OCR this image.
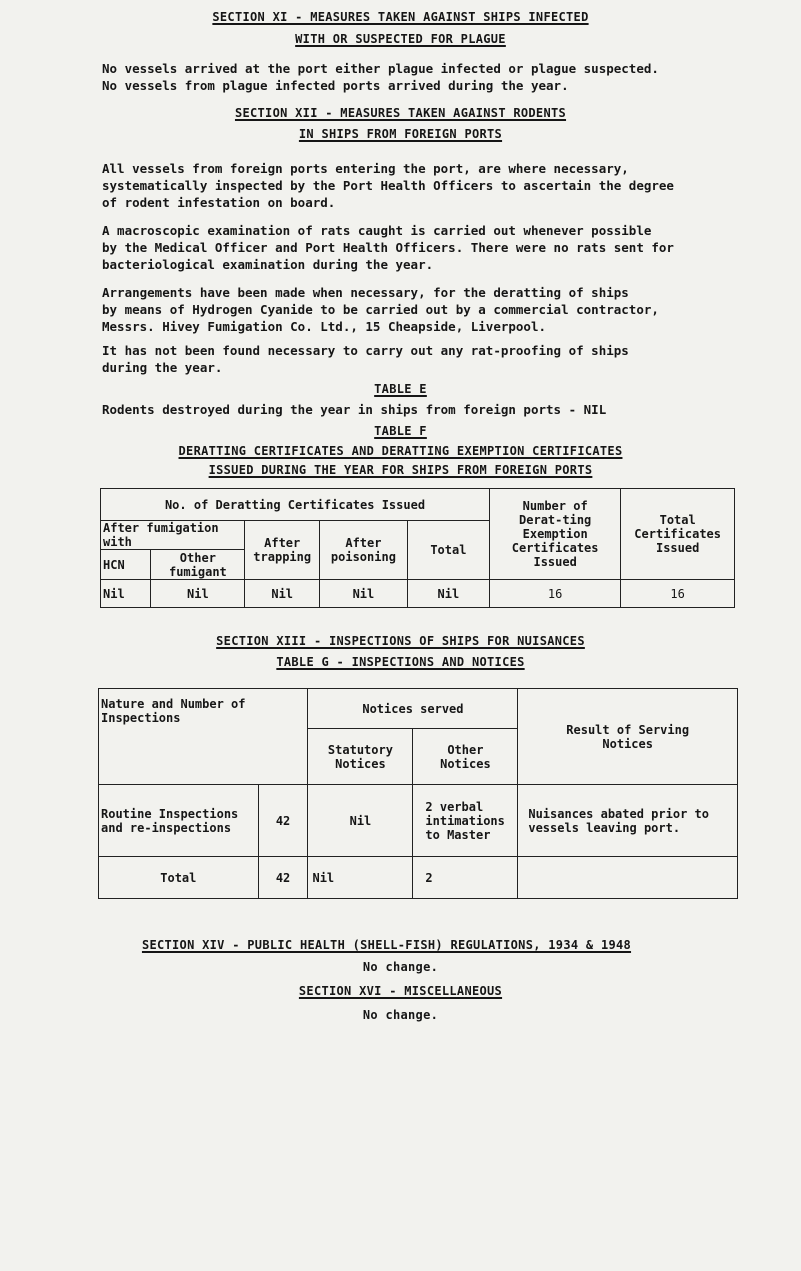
SECTION XI - MEASURES TAKEN AGAINST SHIPS INFECTED
WITH OR SUSPECTED FOR PLAGUE

No vessels arrived at the port either plague infected or plague suspected.

No vessels from plague infected ports arrived during the year.

SECTION XII - MEASURES TAKEN AGAINST RODENTS
IN SHIPS FROM FOREIGN PORTS

All vessels from foreign ports entering the port, are where necessary,

systematically inspected by the Port Health Officers to ascertain the degree

of rodent infestation on board.

A macroscopic examination of rats caught is carried out whenever possible

by the Medical Officer and Port Health Officers. There were no rats sent for

bacteriological examination during the year.

Arrangements have been made when necessary, for the deratting of ships

by means of Hydrogen Cyanide to be carried out by a commercial contractor,

Messrs. Hivey Fumigation Co. Ltd., 15 Cheapside, Liverpool.

It has not been found necessary to carry out any rat-proofing of ships

during the year.

TABLE E
Rodents destroyed during the year in ships from foreign ports - NIL
TABLE F
DERATTING CERTIFICATES AND DERATTING EXEMPTION CERTIFICATES
ISSUED DURING THE YEAR FOR SHIPS FROM FOREIGN PORTS
No. of Deratting Certificates Issued					Number of Derat-ting Exemption Certificates Issued	Total Certificates Issued
After fumigation with		After trapping	After poisoning	Total		
HCN	Other fumigant					
Nil	Nil	Nil	Nil	Nil	16	16
SECTION XIII - INSPECTIONS OF SHIPS FOR NUISANCES
TABLE G - INSPECTIONS AND NOTICES
Nature and Number of Inspections		Notices served		Result of Serving Notices
		Statutory Notices	Other Notices	
Routine Inspections and re-inspections	42	Nil	2 verbal intimations to Master	Nuisances abated prior to vessels leaving port.
Total	42	Nil	2	
SECTION XIV - PUBLIC HEALTH (SHELL-FISH) REGULATIONS, 1934 & 1948
No change.
SECTION XVI - MISCELLANEOUS
No change.
